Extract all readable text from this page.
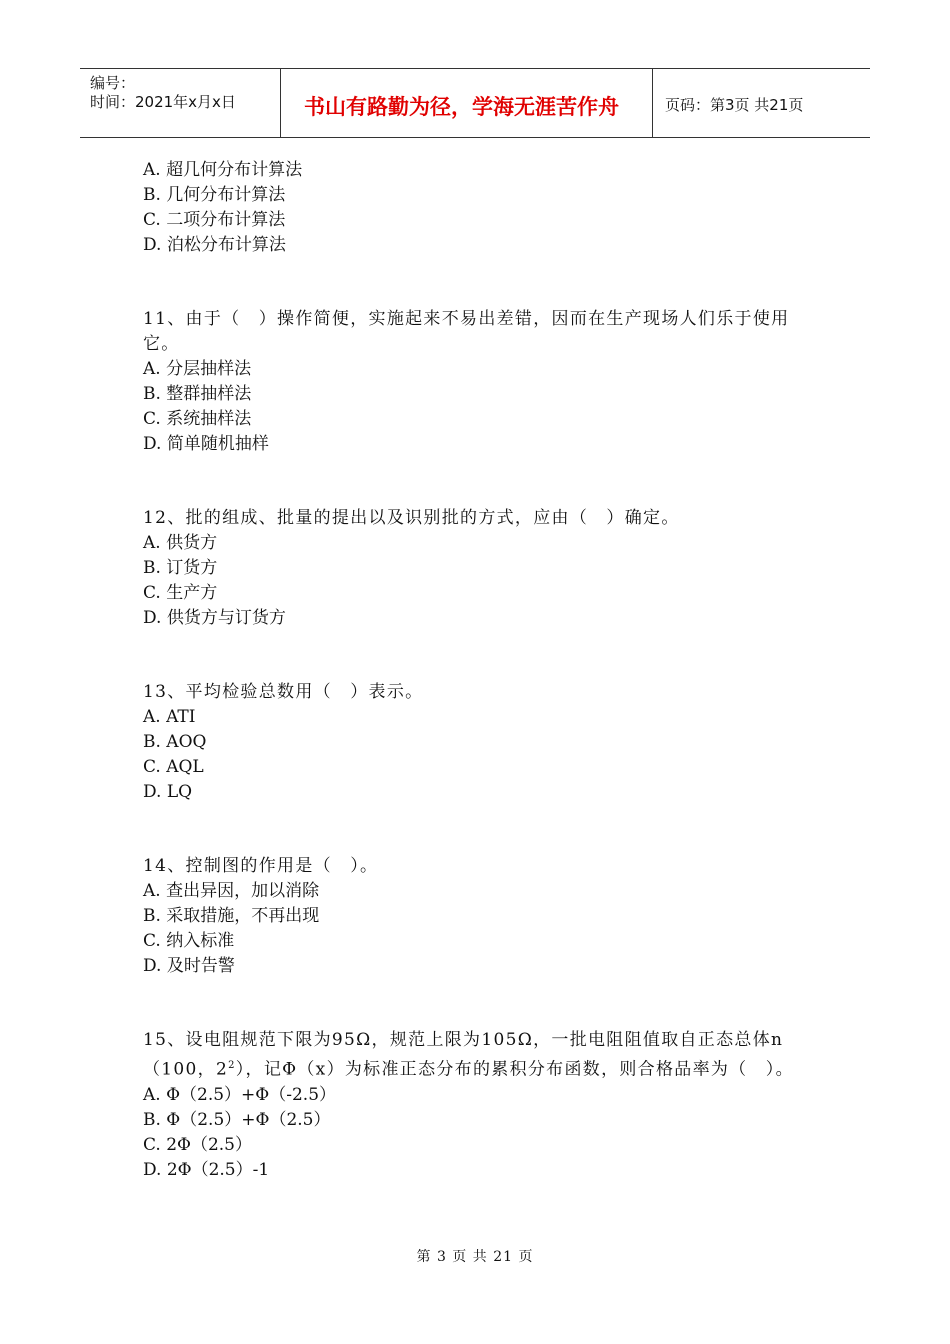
编号：
时间：2021年x月x日	书山有路勤为径，学海无涯苦作舟	页码：第3页 共21页
A. 超几何分布计算法
B. 几何分布计算法
C. 二项分布计算法
D. 泊松分布计算法
11、由于（　）操作简便，实施起来不易出差错，因而在生产现场人们乐于使用它。
A. 分层抽样法
B. 整群抽样法
C. 系统抽样法
D. 简单随机抽样
12、批的组成、批量的提出以及识别批的方式，应由（　）确定。
A. 供货方
B. 订货方
C. 生产方
D. 供货方与订货方
13、平均检验总数用（　）表示。
A. ATI
B. AOQ
C. AQL
D. LQ
14、控制图的作用是（　）。
A. 查出异因，加以消除
B. 采取措施，不再出现
C. 纳入标准
D. 及时告警
15、设电阻规范下限为95Ω，规范上限为105Ω，一批电阻阻值取自正态总体n（100，$2^2$），记Φ（x）为标准正态分布的累积分布函数，则合格品率为（　）。
A. Φ（2.5）+Φ（-2.5）
B. Φ（2.5）+Φ（2.5）
C. 2Φ（2.5）
D. 2Φ（2.5）-1
第 3 页 共 21 页
